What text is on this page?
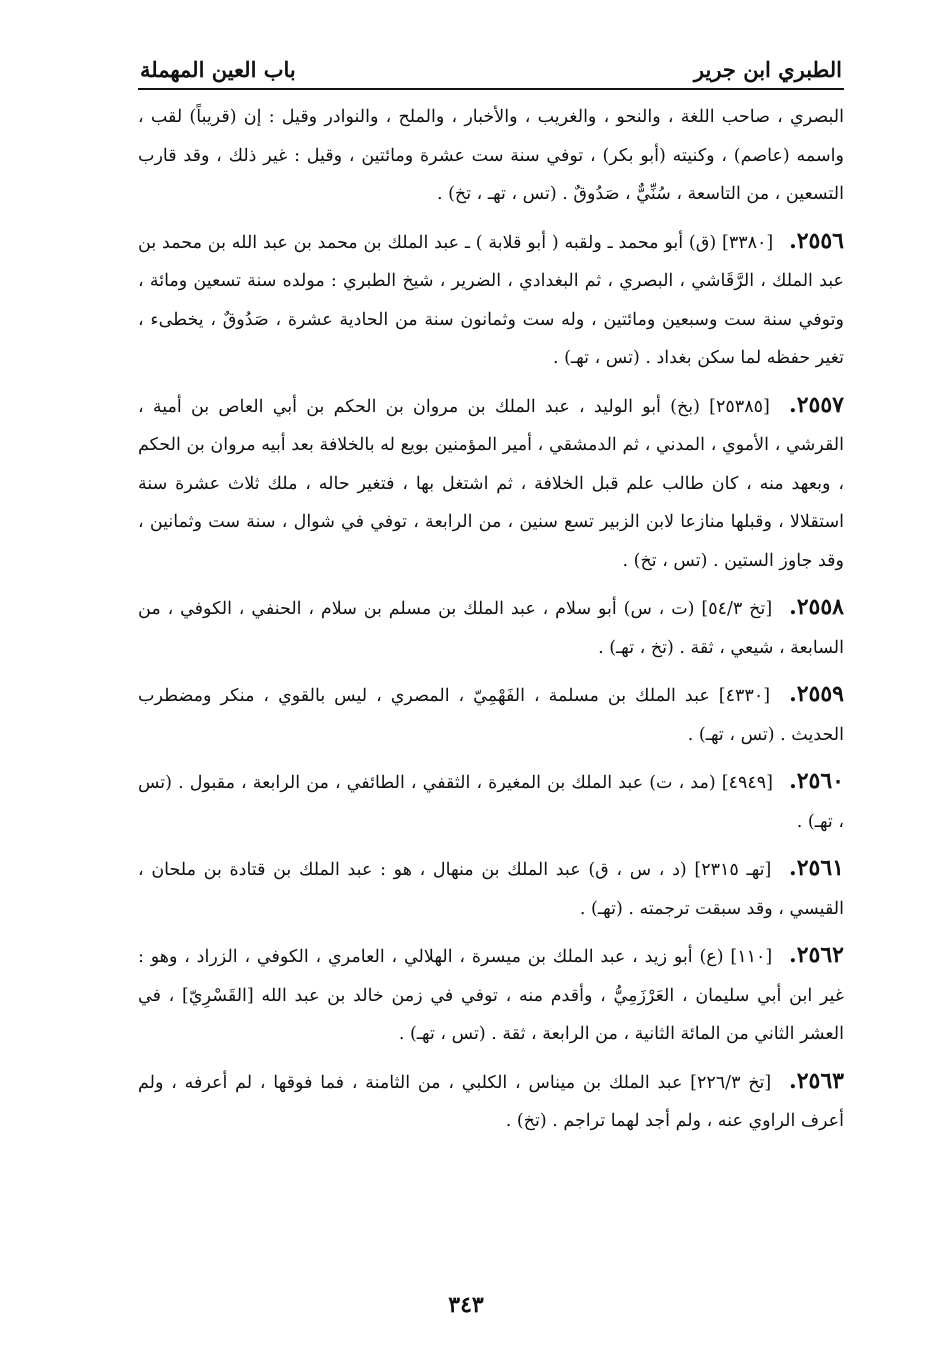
الطبري ابن جرير
باب العين المهملة

البصري ، صاحب اللغة ، والنحو ، والغريب ، والأخبار ، والملح ، والنوادر وقيل : إن (قريباً) لقب ، واسمه (عاصم) ، وكنيته (أبو بكر) ، توفي سنة ست عشرة ومائتين ، وقيل : غير ذلك ، وقد قارب التسعين ، من التاسعة ، سُنِّيٌّ ، صَدُوقٌ . (تس ، تهـ ، تخ) .

٢٥٥٦. [٣٣٨٠] (ق) أبو محمد ـ ولقبه ( أبو قلابة ) ـ عبد الملك بن محمد بن عبد الله بن محمد بن عبد الملك ، الرَّقَاشي ، البصري ، ثم البغدادي ، الضرير ، شيخ الطبري : مولده سنة تسعين ومائة ، وتوفي سنة ست وسبعين ومائتين ، وله ست وثمانون سنة من الحادية عشرة ، صَدُوقٌ ، يخطىء ، تغير حفظه لما سكن بغداد . (تس ، تهـ) .

٢٥٥٧. [٢٥٣٨٥] (بخ) أبو الوليد ، عبد الملك بن مروان بن الحكم بن أبي العاص بن أمية ، القرشي ، الأموي ، المدني ، ثم الدمشقي ، أمير المؤمنين بويع له بالخلافة بعد أبيه مروان بن الحكم ، وبعهد منه ، كان طالب علم قبل الخلافة ، ثم اشتغل بها ، فتغير حاله ، ملك ثلاث عشرة سنة استقلالا ، وقبلها منازعا لابن الزبير تسع سنين ، من الرابعة ، توفي في شوال ، سنة ست وثمانين ، وقد جاوز الستين . (تس ، تخ) .

٢٥٥٨. [تخ ٥٤/٣] (ت ، س) أبو سلام ، عبد الملك بن مسلم بن سلام ، الحنفي ، الكوفي ، من السابعة ، شيعي ، ثقة . (تخ ، تهـ) .

٢٥٥٩. [٤٣٣٠] عبد الملك بن مسلمة ، الفَهْمِيّ ، المصري ، ليس بالقوي ، منكر ومضطرب الحديث . (تس ، تهـ) .

٢٥٦٠. [٤٩٤٩] (مد ، ت) عبد الملك بن المغيرة ، الثقفي ، الطائفي ، من الرابعة ، مقبول . (تس ، تهـ) .

٢٥٦١. [تهـ ٢٣١٥] (د ، س ، ق) عبد الملك بن منهال ، هو : عبد الملك بن قتادة بن ملحان ، القيسي ، وقد سبقت ترجمته . (تهـ) .

٢٥٦٢. [١١٠] (ع) أبو زيد ، عبد الملك بن ميسرة ، الهلالي ، العامري ، الكوفي ، الزراد ، وهو : غير ابن أبي سليمان ، العَرْزَمِيُّ ، وأقدم منه ، توفي في زمن خالد بن عبد الله [القَسْرِيّ] ، في العشر الثاني من المائة الثانية ، من الرابعة ، ثقة . (تس ، تهـ) .

٢٥٦٣. [تخ ٢٢٦/٣] عبد الملك بن ميناس ، الكلبي ، من الثامنة ، فما فوقها ، لم أعرفه ، ولم أعرف الراوي عنه ، ولم أجد لهما تراجم . (تخ) .

٣٤٣
